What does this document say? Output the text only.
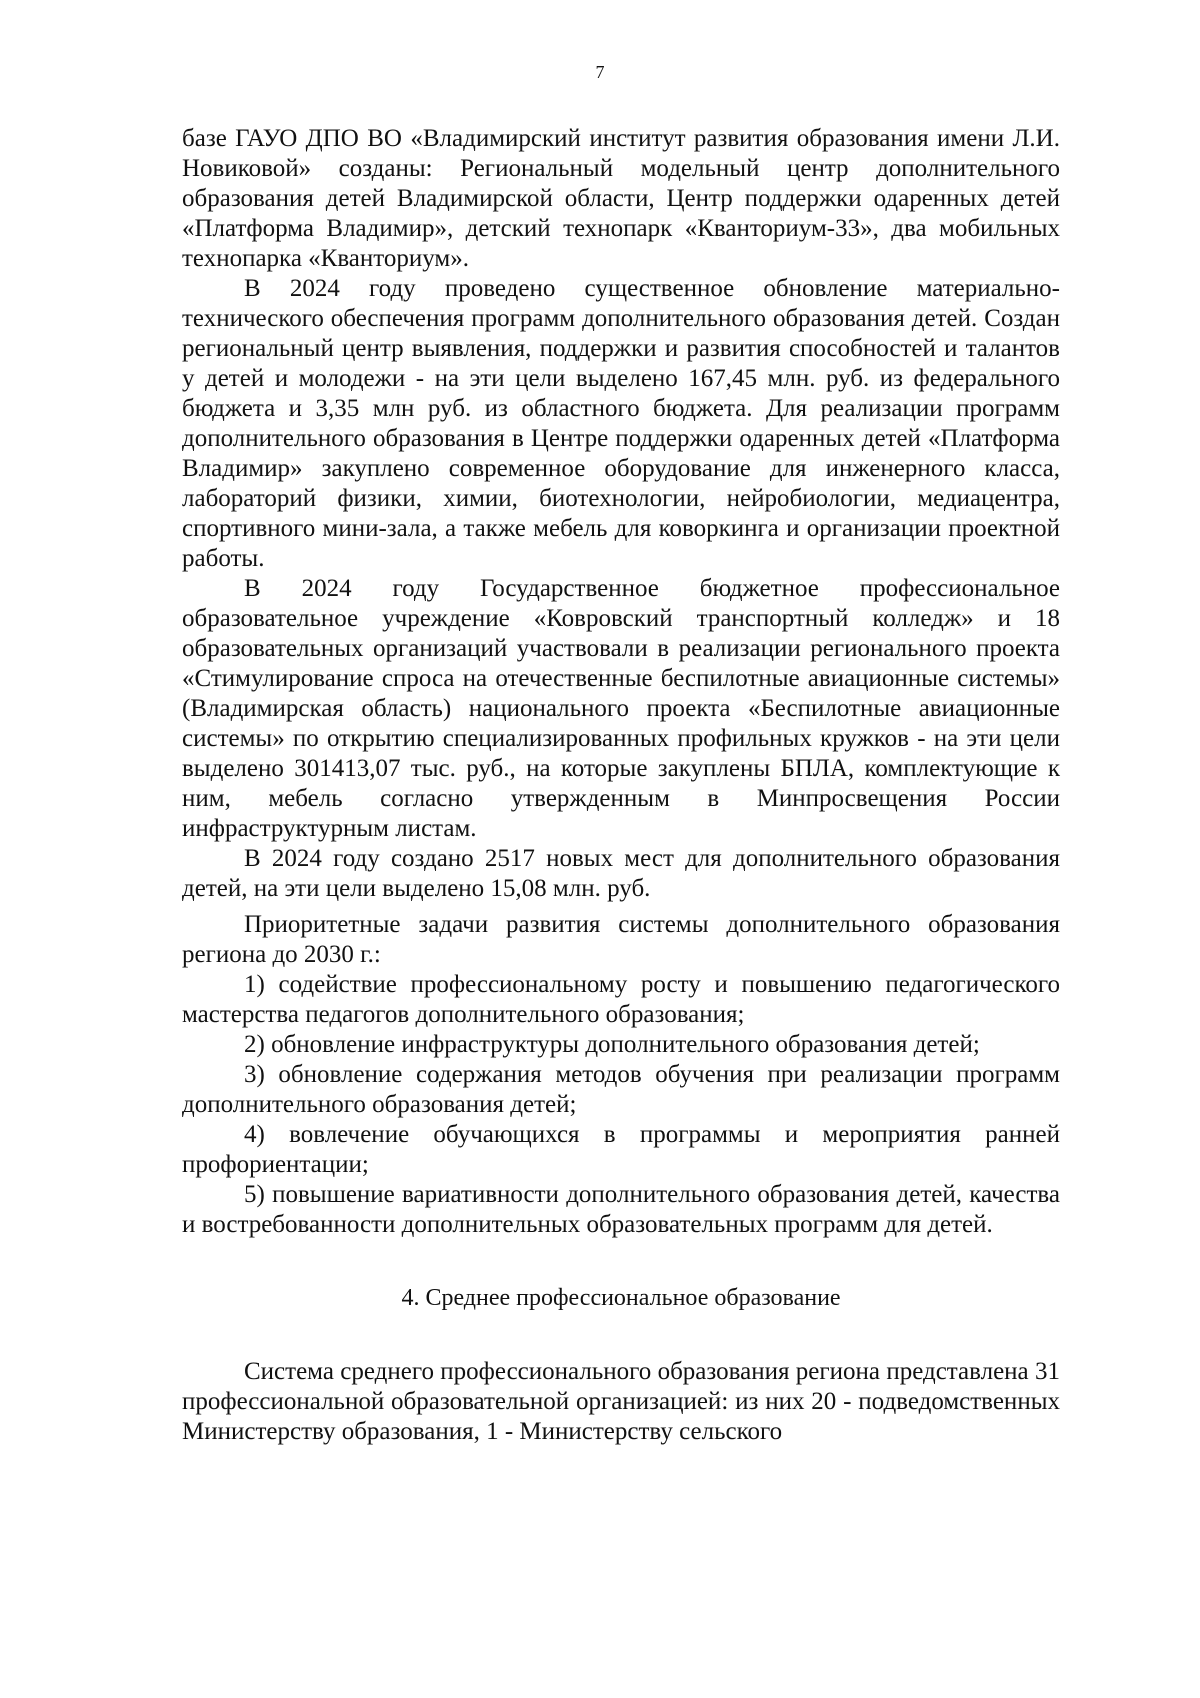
7

базе ГАУО ДПО ВО «Владимирский институт развития образования имени Л.И. Новиковой» созданы: Региональный модельный центр дополнительного образования детей Владимирской области, Центр поддержки одаренных детей «Платформа Владимир», детский технопарк «Кванториум-33», два мобильных технопарка «Кванториум».

В 2024 году проведено существенное обновление материально-технического обеспечения программ дополнительного образования детей. Создан региональный центр выявления, поддержки и развития способностей и талантов у детей и молодежи - на эти цели выделено 167,45 млн. руб. из федерального бюджета и 3,35 млн руб. из областного бюджета. Для реализации программ дополнительного образования в Центре поддержки одаренных детей «Платформа Владимир» закуплено современное оборудование для инженерного класса, лабораторий физики, химии, биотехнологии, нейробиологии, медиацентра, спортивного мини-зала, а также мебель для коворкинга и организации проектной работы.

В 2024 году Государственное бюджетное профессиональное образовательное учреждение «Ковровский транспортный колледж» и 18 образовательных организаций участвовали в реализации регионального проекта «Стимулирование спроса на отечественные беспилотные авиационные системы» (Владимирская область) национального проекта «Беспилотные авиационные системы» по открытию специализированных профильных кружков - на эти цели выделено 301413,07 тыс. руб., на которые закуплены БПЛА, комплектующие к ним, мебель согласно утвержденным в Минпросвещения России инфраструктурным листам.

В 2024 году создано 2517 новых мест для дополнительного образования детей, на эти цели выделено 15,08 млн. руб.

Приоритетные задачи развития системы дополнительного образования региона до 2030 г.:

1) содействие профессиональному росту и повышению педагогического мастерства педагогов дополнительного образования;

2) обновление инфраструктуры дополнительного образования детей;

3) обновление содержания методов обучения при реализации программ дополнительного образования детей;

4) вовлечение обучающихся в программы и мероприятия ранней профориентации;

5) повышение вариативности дополнительного образования детей, качества и востребованности дополнительных образовательных программ для детей.

4. Среднее профессиональное образование

Система среднего профессионального образования региона представлена 31 профессиональной образовательной организацией: из них 20 - подведомственных Министерству образования, 1 - Министерству сельского
